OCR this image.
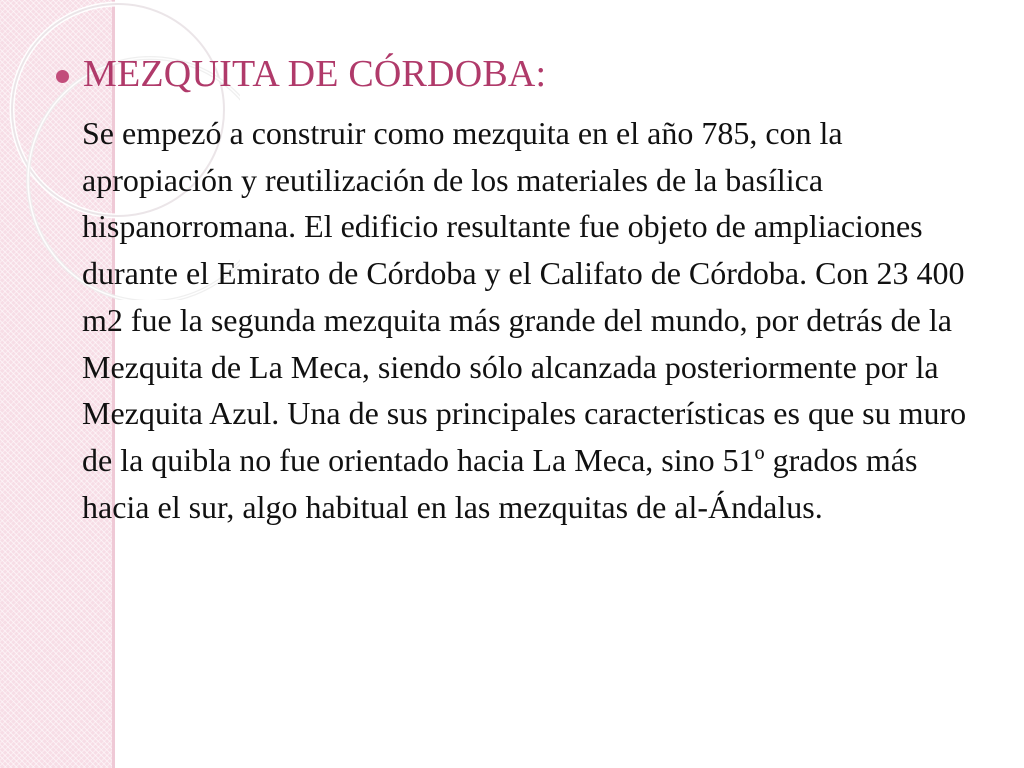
MEZQUITA DE CÓRDOBA:
Se empezó a construir como mezquita en el año 785, con la apropiación y reutilización de los materiales de la basílica hispanorromana. El edificio resultante fue objeto de ampliaciones durante el Emirato de Córdoba y el Califato de Córdoba. Con 23 400 m2 fue la segunda mezquita más grande del mundo, por detrás de la Mezquita de La Meca, siendo sólo alcanzada posteriormente por la Mezquita Azul. Una de sus principales características es que su muro de la quibla no fue orientado hacia La Meca, sino 51º grados más hacia el sur, algo habitual en las mezquitas de al-Ándalus.
